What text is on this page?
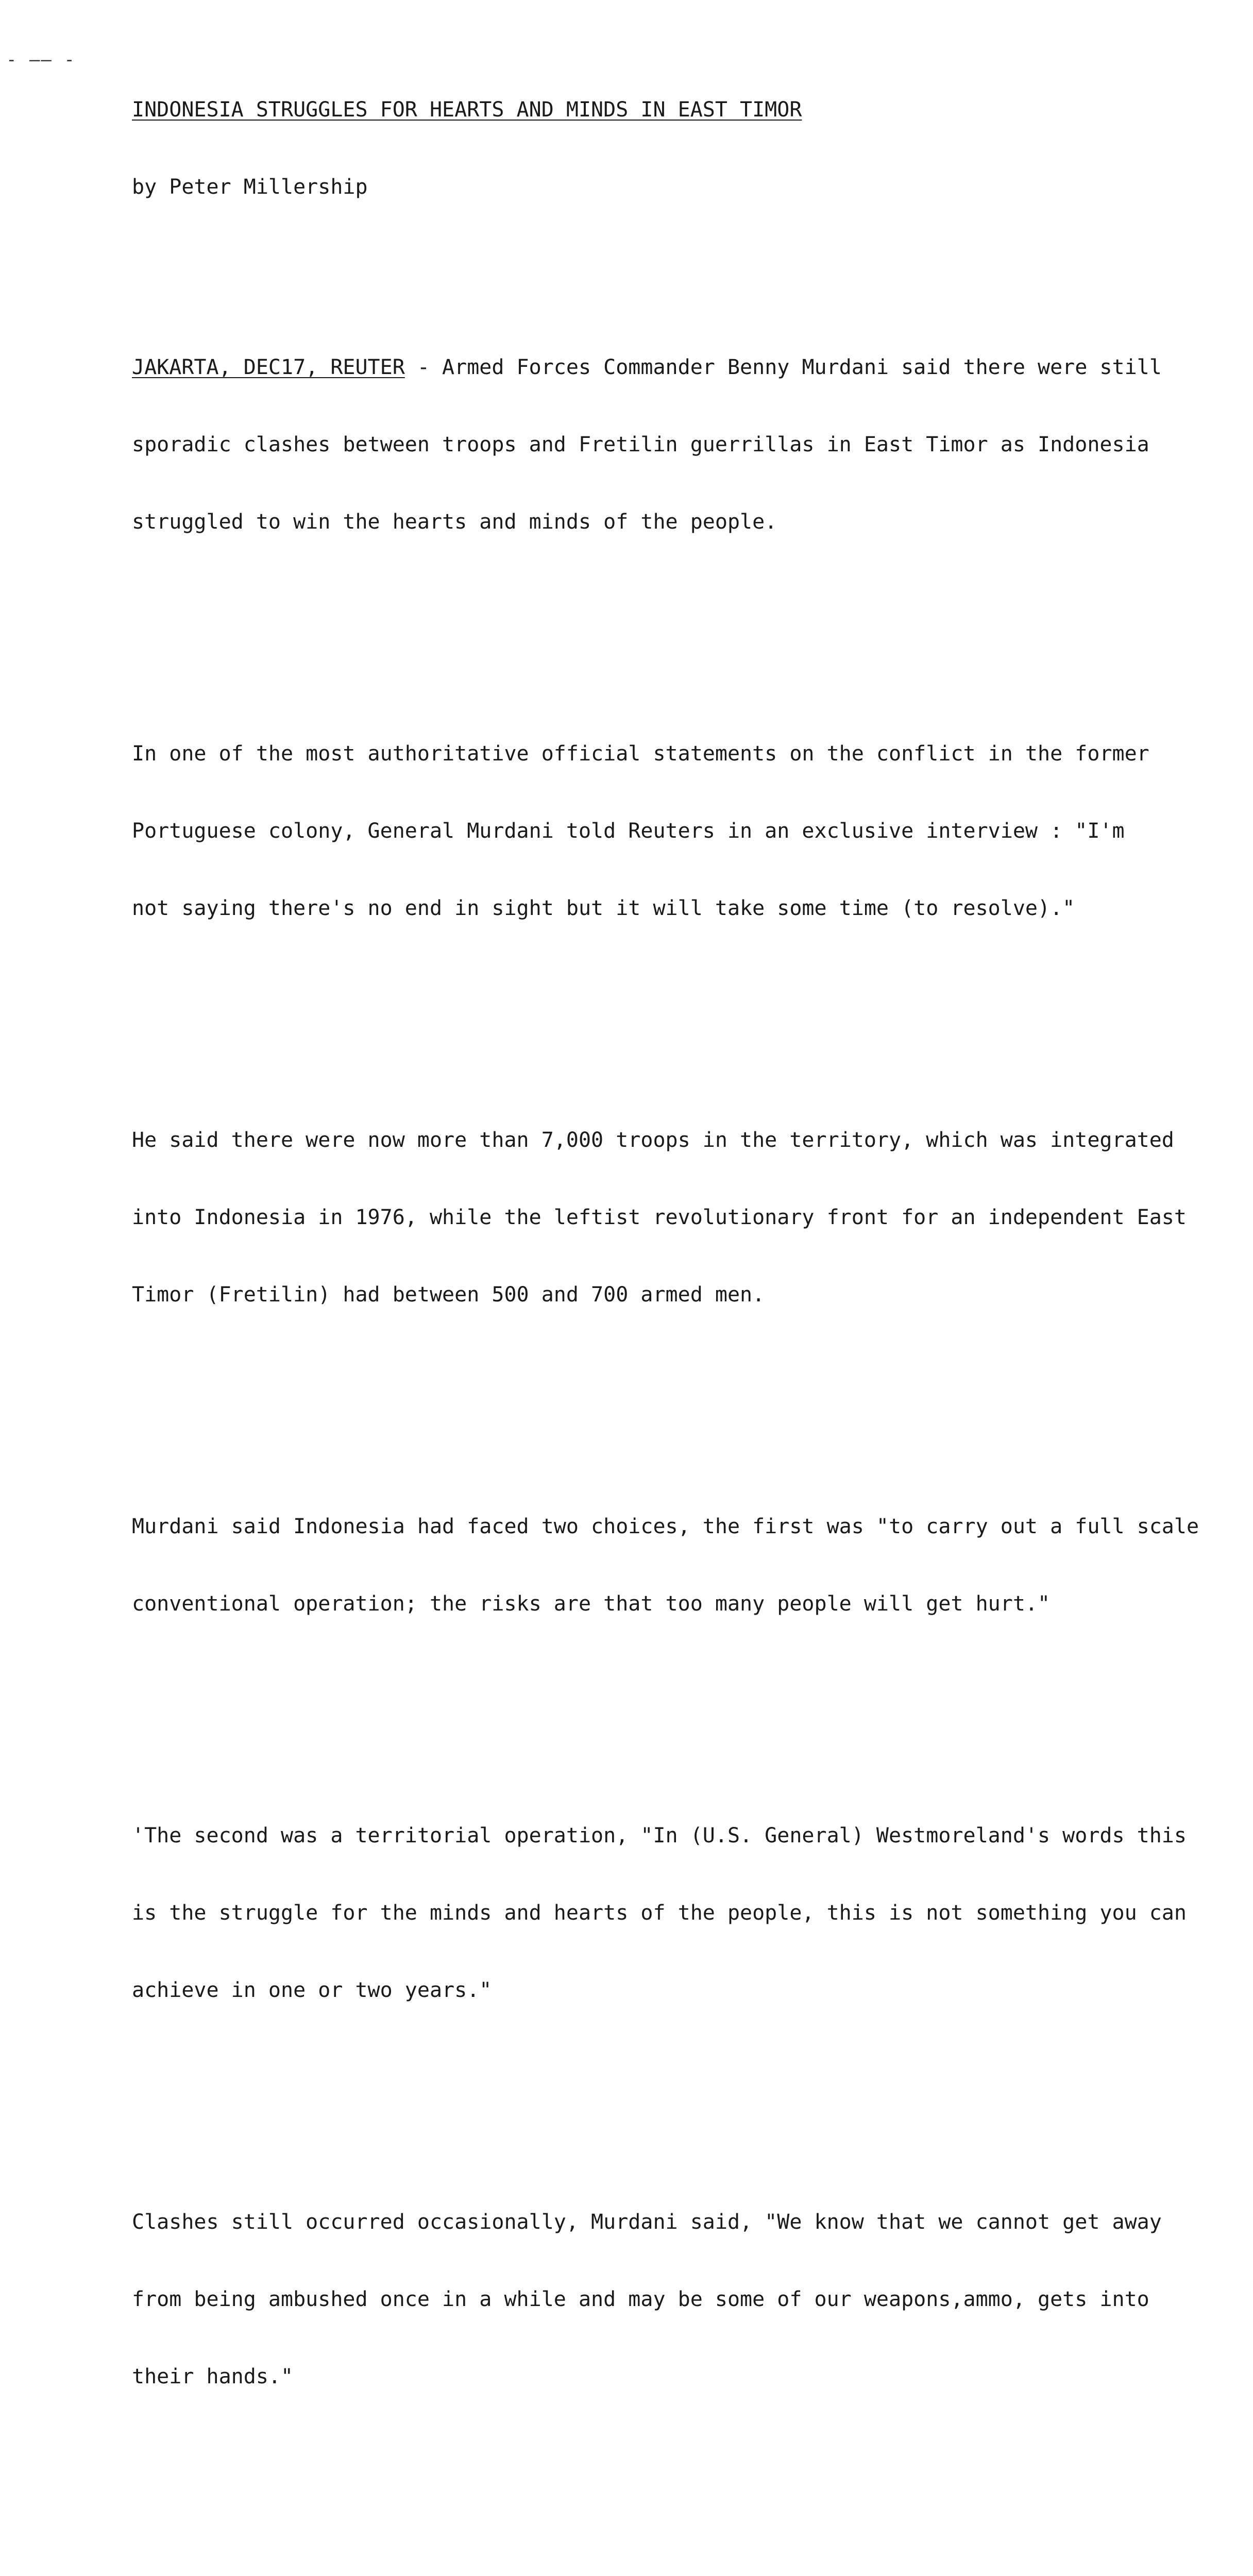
- —— -

INDONESIA STRUGGLES FOR HEARTS AND MINDS IN EAST TIMOR

by Peter Millership

JAKARTA, DEC17, REUTER - Armed Forces Commander Benny Murdani said there were still

sporadic clashes between troops and Fretilin guerrillas in East Timor as Indonesia

struggled to win the hearts and minds of the people.

In one of the most authoritative official statements on the conflict in the former

Portuguese colony, General Murdani told Reuters in an exclusive interview : "I'm

not saying there's no end in sight but it will take some time (to resolve)."

He said there were now more than 7,000 troops in the territory, which was integrated

into Indonesia in 1976, while the leftist revolutionary front for an independent East

Timor (Fretilin) had between 500 and 700 armed men.

Murdani said Indonesia had faced two choices, the first was "to carry out a full scale

conventional operation; the risks are that too many people will get hurt."

'The second was a territorial operation, "In (U.S. General) Westmoreland's words this

is the struggle for the minds and hearts of the people, this is not something you can

achieve in one or two years."

Clashes still occurred occasionally, Murdani said, "We know that we cannot get away

from being ambushed once in a while and may be some of our weapons,ammo, gets into

their hands."
